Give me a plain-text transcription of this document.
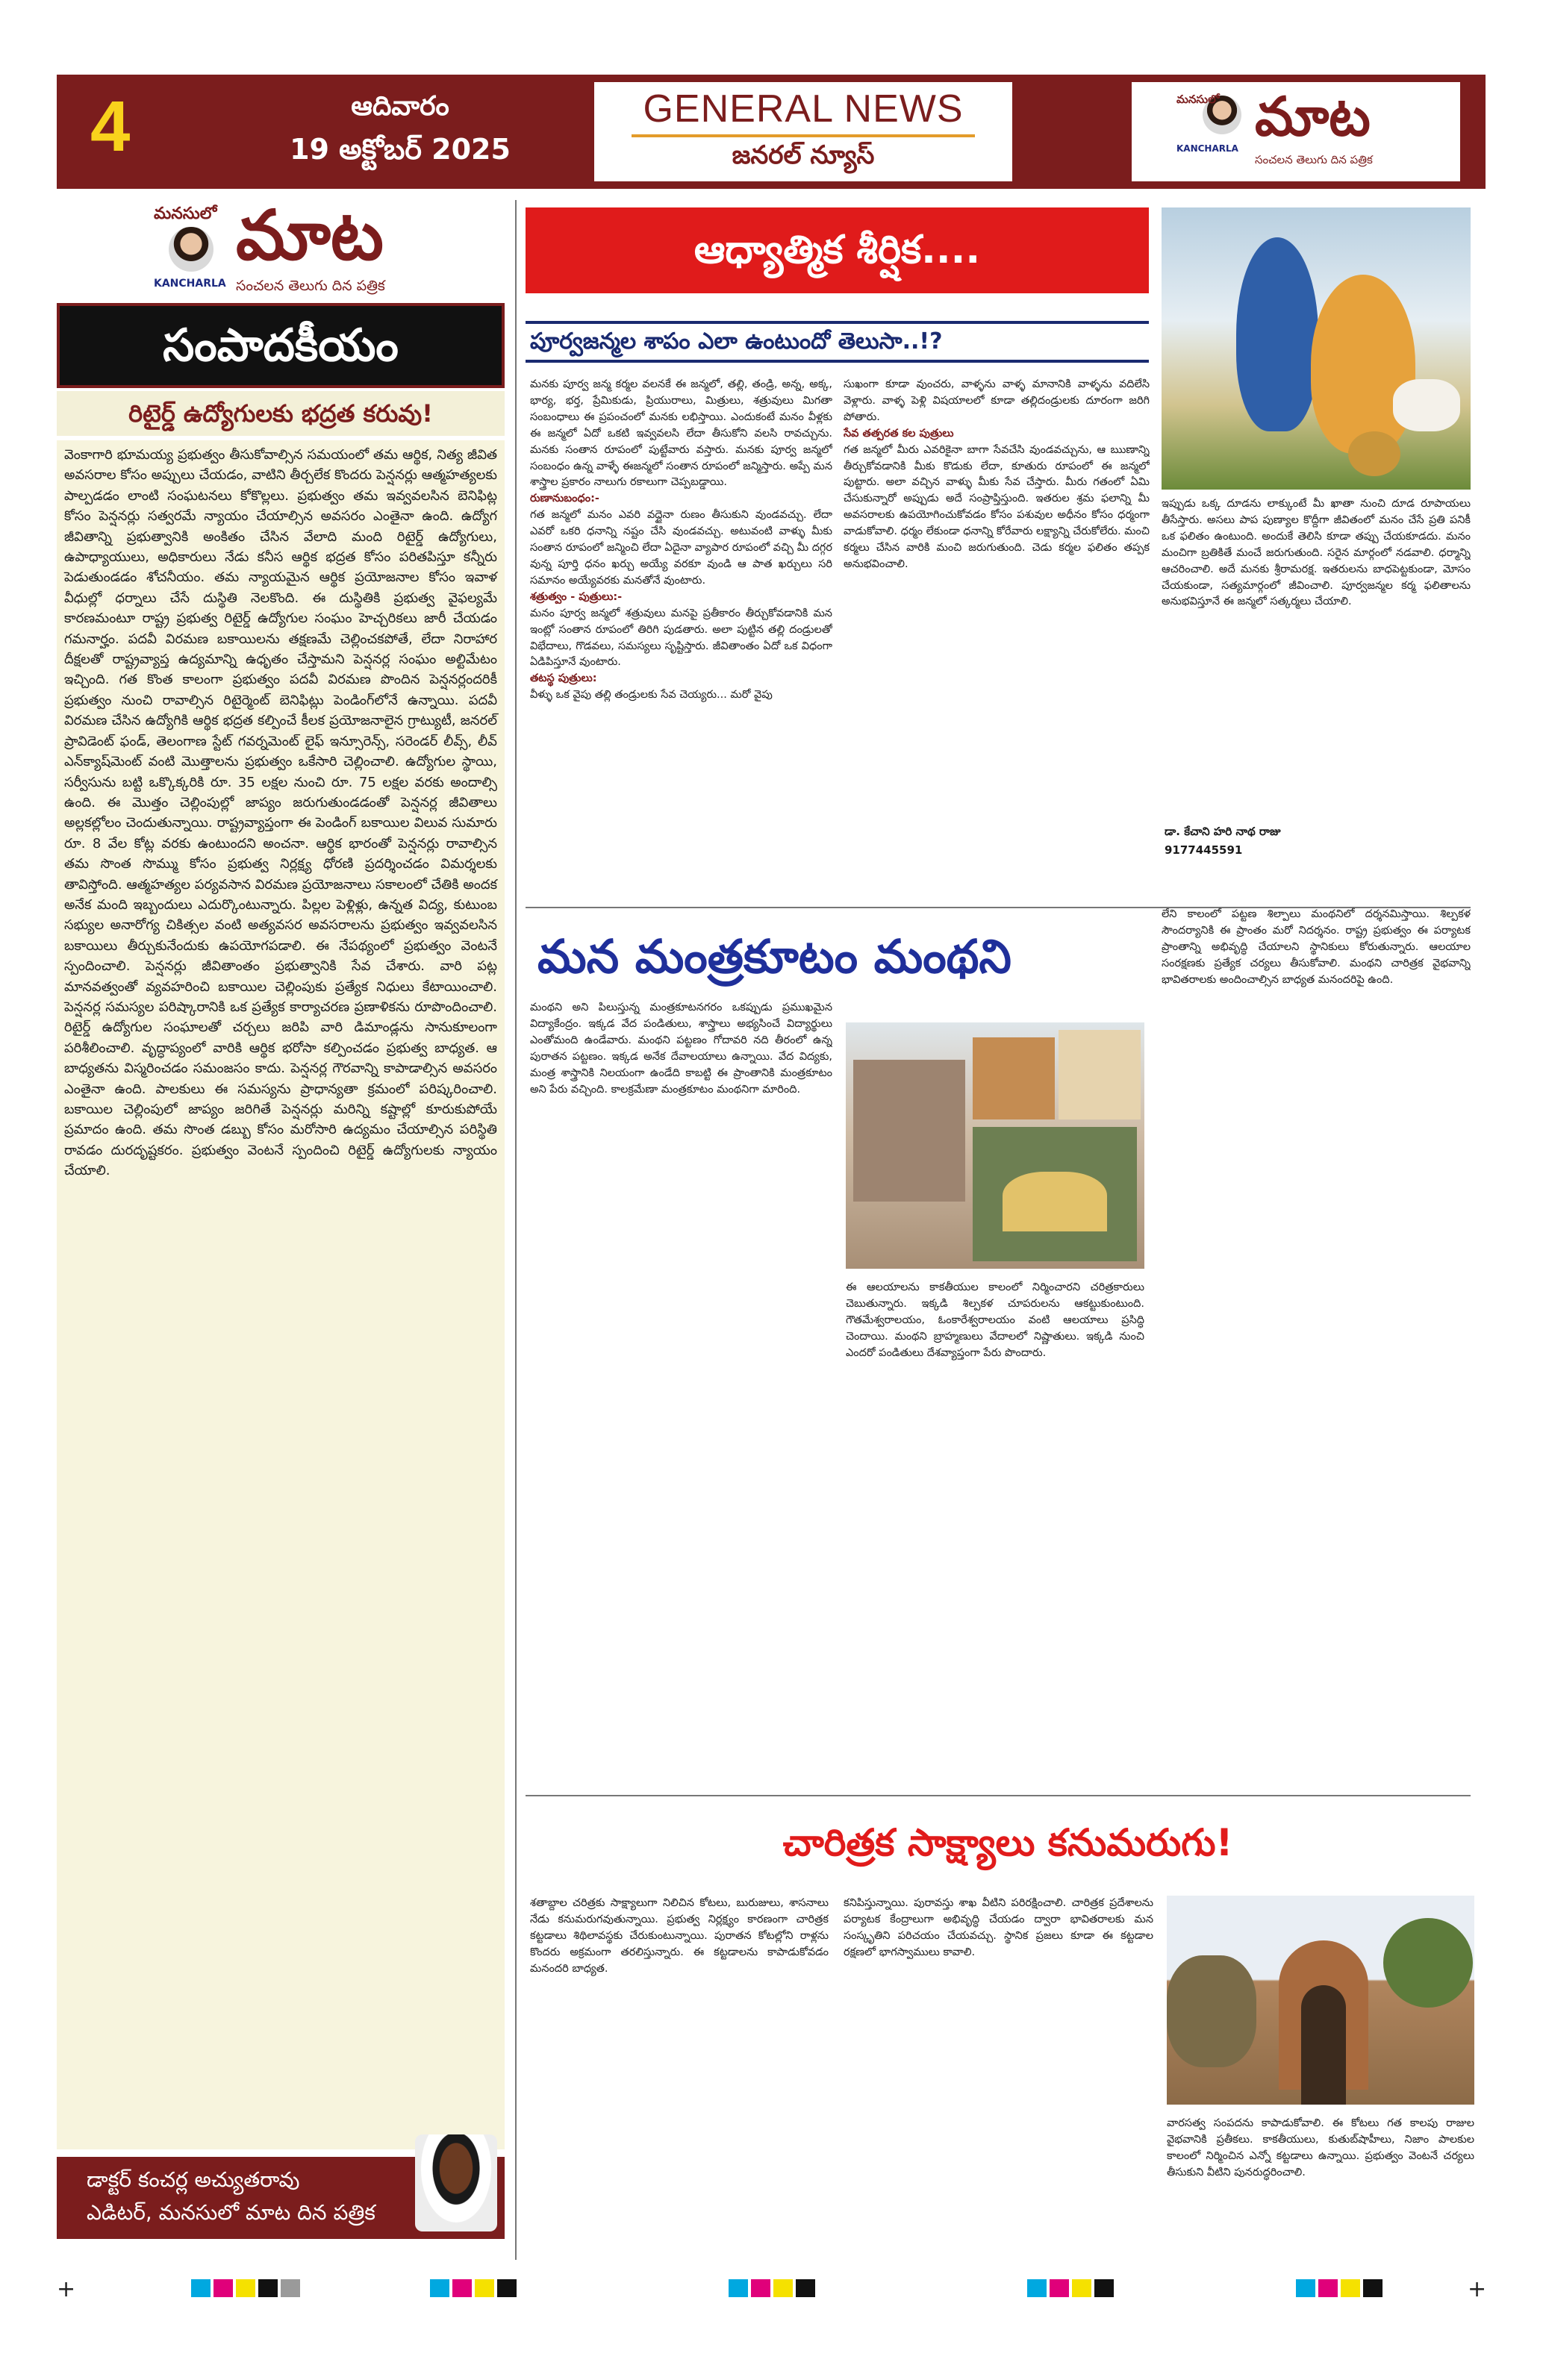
4	ఆదివారం
19 అక్టోబర్ 2025
GENERAL NEWS
జనరల్ న్యూస్
మనసులో మాట
KANCHARLA
సంచలన తెలుగు దిన పత్రిక
మనసులో మాట
KANCHARLA సంచలన తెలుగు దిన పత్రిక
సంపాదకీయం
రిటైర్డ్ ఉద్యోగులకు భద్రత కరువు!
వెంకాగారి భూమయ్య ప్రభుత్వం తీసుకోవాల్సిన సమయంలో తమ ఆర్థిక, నిత్య జీవిత అవసరాల కోసం అప్పులు చేయడం, వాటిని తీర్చలేక కొందరు పెన్షనర్లు ఆత్మహత్యలకు పాల్పడడం లాంటి సంఘటనలు కోకొల్లలు. ప్రభుత్వం తమ ఇవ్వవలసిన బెనిఫిట్ల కోసం పెన్షనర్లు సత్వరమే న్యాయం చేయాల్సిన అవసరం ఎంతైనా ఉంది. ఉద్యోగ జీవితాన్ని ప్రభుత్వానికి అంకితం చేసిన వేలాది మంది రిటైర్డ్ ఉద్యోగులు, ఉపాధ్యాయులు, అధికారులు నేడు కనీస ఆర్థిక భద్రత కోసం పరితపిస్తూ కన్నీరు పెడుతుండడం శోచనీయం. తమ న్యాయమైన ఆర్థిక ప్రయోజనాల కోసం ఇవాళ వీధుల్లో ధర్నాలు చేసే దుస్థితి నెలకొంది. ఈ దుస్థితికి ప్రభుత్వ వైఫల్యమే కారణమంటూ రాష్ట్ర ప్రభుత్వ రిటైర్డ్ ఉద్యోగుల సంఘం హెచ్చరికలు జారీ చేయడం గమనార్హం. పదవీ విరమణ బకాయిలను తక్షణమే చెల్లించకపోతే, లేదా నిరాహార దీక్షలతో రాష్ట్రవ్యాప్త ఉద్యమాన్ని ఉధృతం చేస్తామని పెన్షనర్ల సంఘం అల్టిమేటం ఇచ్చింది. గత కొంత కాలంగా ప్రభుత్వం పదవీ విరమణ పొందిన పెన్షనర్లందరికీ ప్రభుత్వం నుంచి రావాల్సిన రిటైర్మెంట్ బెనిఫిట్లు పెండింగ్‌లోనే ఉన్నాయి. పదవీ విరమణ చేసిన ఉద్యోగికి ఆర్థిక భద్రత కల్పించే కీలక ప్రయోజనాలైన గ్రాట్యుటీ, జనరల్ ప్రావిడెంట్ ఫండ్, తెలంగాణ స్టేట్ గవర్నమెంట్ లైఫ్ ఇన్సూరెన్స్, సరెండర్ లీవ్స్, లీవ్ ఎన్‌క్యాష్‌మెంట్ వంటి మొత్తాలను ప్రభుత్వం ఒకేసారి చెల్లించాలి. ఉద్యోగుల స్థాయి, సర్వీసును బట్టి ఒక్కొక్కరికి రూ. 35 లక్షల నుంచి రూ. 75 లక్షల వరకు అందాల్సి ఉంది. ఈ మొత్తం చెల్లింపుల్లో జాప్యం జరుగుతుండడంతో పెన్షనర్ల జీవితాలు అల్లకల్లోలం చెందుతున్నాయి. రాష్ట్రవ్యాప్తంగా ఈ పెండింగ్ బకాయిల విలువ సుమారు రూ. 8 వేల కోట్ల వరకు ఉంటుందని అంచనా. ఆర్థిక భారంతో పెన్షనర్లు రావాల్సిన తమ సొంత సొమ్ము కోసం ప్రభుత్వ నిర్లక్ష్య ధోరణి ప్రదర్శించడం విమర్శలకు తావిస్తోంది. ఆత్మహత్యల పర్యవసాన విరమణ ప్రయోజనాలు సకాలంలో చేతికి అందక అనేక మంది ఇబ్బందులు ఎదుర్కొంటున్నారు. పిల్లల పెళ్లిళ్లు, ఉన్నత విద్య, కుటుంబ సభ్యుల అనారోగ్య చికిత్సల వంటి అత్యవసర అవసరాలను ప్రభుత్వం ఇవ్వవలసిన బకాయిలు తీర్చుకునేందుకు ఉపయోగపడాలి. ఈ నేపథ్యంలో ప్రభుత్వం వెంటనే స్పందించాలి. పెన్షనర్లు జీవితాంతం ప్రభుత్వానికి సేవ చేశారు. వారి పట్ల మానవత్వంతో వ్యవహరించి బకాయిల చెల్లింపుకు ప్రత్యేక నిధులు కేటాయించాలి. పెన్షనర్ల సమస్యల పరిష్కారానికి ఒక ప్రత్యేక కార్యాచరణ ప్రణాళికను రూపొందించాలి. రిటైర్డ్ ఉద్యోగుల సంఘాలతో చర్చలు జరిపి వారి డిమాండ్లను సానుకూలంగా పరిశీలించాలి. వృద్ధాప్యంలో వారికి ఆర్థిక భరోసా కల్పించడం ప్రభుత్వ బాధ్యత. ఆ బాధ్యతను విస్మరించడం సమంజసం కాదు. పెన్షనర్ల గౌరవాన్ని కాపాడాల్సిన అవసరం ఎంతైనా ఉంది. పాలకులు ఈ సమస్యను ప్రాధాన్యతా క్రమంలో పరిష్కరించాలి. బకాయిల చెల్లింపులో జాప్యం జరిగితే పెన్షనర్లు మరిన్ని కష్టాల్లో కూరుకుపోయే ప్రమాదం ఉంది. తమ సొంత డబ్బు కోసం మరోసారి ఉద్యమం చేయాల్సిన పరిస్థితి రావడం దురదృష్టకరం. ప్రభుత్వం వెంటనే స్పందించి రిటైర్డ్ ఉద్యోగులకు న్యాయం చేయాలి.
డాక్టర్ కంచర్ల అచ్యుతరావు
ఎడిటర్, మనసులో మాట దిన పత్రిక
ఆధ్యాత్మిక శీర్షిక....
పూర్వజన్మల శాపం ఎలా ఉంటుందో తెలుసా..!?
మనకు పూర్వ జన్మ కర్మల వలనకే ఈ జన్మలో, తల్లి, తండ్రి, అన్న, అక్క, భార్య, భర్త, ప్రేమికుడు, ప్రియురాలు, మిత్రులు, శత్రువులు మిగతా సంబంధాలు ఈ ప్రపంచంలో మనకు లభిస్తాయి. ఎందుకంటే మనం వీళ్లకు ఈ జన్మలో ఏదో ఒకటి ఇవ్వవలసి లేదా తీసుకోని వలసి రావచ్చును. మనకు సంతాన రూపంలో పుట్టేవారు వస్తారు. మనకు పూర్వ జన్మలో సంబంధం ఉన్న వాళ్ళే ఈజన్మలో సంతాన రూపంలో జన్మిస్తారు. అప్పే మన శాస్త్రాల ప్రకారం నాలుగు రకాలుగా చెప్పబడ్డాయి.
రుణానుబంధం:-
గత జన్మలో మనం ఎవరి వద్దైనా రుణం తీసుకుని వుండవచ్చు. లేదా ఎవరో ఒకరి ధనాన్ని నష్టం చేసి వుండవచ్చు. అటువంటి వాళ్ళు మీకు సంతాన రూపంలో జన్మించి లేదా ఏదైనా వ్యాపార రూపంలో వచ్చి మీ దగ్గర వున్న పూర్తి ధనం ఖర్చు అయ్యే వరకూ వుండి ఆ పాత ఖర్చులు సరి సమానం అయ్యేవరకు మనతోనే వుంటారు.
శత్రుత్వం - పుత్రులు:-
మనం పూర్వ జన్మలో శత్రువులు మనపై ప్రతీకారం తీర్చుకోవడానికి మన ఇంట్లో సంతాన రూపంలో తిరిగి పుడతారు. అలా పుట్టిన తల్లి దండ్రులతో విభేదాలు, గొడవలు, సమస్యలు సృష్టిస్తారు. జీవితాంతం ఏదో ఒక విధంగా ఏడిపిస్తూనే వుంటారు.
తటస్థ పుత్రులు:
వీళ్ళు ఒక వైపు తల్లి తండ్రులకు సేవ చెయ్యరు... మరో వైపు
సుఖంగా కూడా వుంచరు, వాళ్ళను వాళ్ళ మానానికి వాళ్ళను వదిలేసి వెళ్లారు. వాళ్ళ పెళ్లి విషయాలలో కూడా తల్లిదండ్రులకు దూరంగా జరిగి పోతారు.
సేవ తత్పరత కల పుత్రులు
గత జన్మలో మీరు ఎవరికైనా బాగా సేవచేసి వుండవచ్చును, ఆ ఋణాన్ని తీర్చుకోవడానికి మీకు కొడుకు లేదా, కూతురు రూపంలో ఈ జన్మలో పుట్టారు. అలా వచ్చిన వాళ్ళు మీకు సేవ చేస్తారు. మీరు గతంలో ఏమి చేసుకున్నారో అప్పుడు అదే సంప్రాప్తిస్తుంది. ఇతరుల శ్రమ ఫలాన్ని మీ అవసరాలకు ఉపయోగించుకోవడం కోసం పశువుల అధీనం కోసం ధర్మంగా వాడుకోవాలి. ధర్మం లేకుండా ధనాన్ని కోరేవారు లక్ష్యాన్ని చేరుకోలేరు. మంచి కర్మలు చేసిన వారికి మంచి జరుగుతుంది. చెడు కర్మల ఫలితం తప్పక అనుభవించాలి.
ఇప్పుడు ఒక్క దూడను లాక్కుంటే మీ ఖాతా నుంచి దూడ రూపాయలు తీసేస్తారు. అసలు పాప పుణ్యాల కొద్దీగా జీవితంలో మనం చేసే ప్రతి పనికీ ఒక ఫలితం ఉంటుంది. అందుకే తెలిసి కూడా తప్పు చేయకూడదు. మనం మంచిగా బ్రతికితే మంచే జరుగుతుంది. సరైన మార్గంలో నడవాలి. ధర్మాన్ని ఆచరించాలి. అదే మనకు శ్రీరామరక్ష. ఇతరులను బాధపెట్టకుండా, మోసం చేయకుండా, సత్యమార్గంలో జీవించాలి. పూర్వజన్మల కర్మ ఫలితాలను అనుభవిస్తూనే ఈ జన్మలో సత్కర్మలు చేయాలి.
డా. కేచాని హరి నాథ రాజు
9177445591
మన మంత్రకూటం మంథని
మంథని అని పిలుస్తున్న మంత్రకూటనగరం ఒకప్పుడు ప్రముఖమైన విద్యాకేంద్రం. ఇక్కడ వేద పండితులు, శాస్త్రాలు అభ్యసించే విద్యార్థులు ఎంతోమంది ఉండేవారు. మంథని పట్టణం గోదావరి నది తీరంలో ఉన్న పురాతన పట్టణం. ఇక్కడ అనేక దేవాలయాలు ఉన్నాయి. వేద విద్యకు, మంత్ర శాస్త్రానికి నిలయంగా ఉండేది కాబట్టి ఈ ప్రాంతానికి మంత్రకూటం అని పేరు వచ్చింది. కాలక్రమేణా మంత్రకూటం మంథనిగా మారింది.
ఈ ఆలయాలను కాకతీయుల కాలంలో నిర్మించారని చరిత్రకారులు చెబుతున్నారు. ఇక్కడి శిల్పకళ చూపరులను ఆకట్టుకుంటుంది. గౌతమేశ్వరాలయం, ఓంకారేశ్వరాలయం వంటి ఆలయాలు ప్రసిద్ధి చెందాయి. మంథని బ్రాహ్మణులు వేదాలలో నిష్ణాతులు. ఇక్కడి నుంచి ఎందరో పండితులు దేశవ్యాప్తంగా పేరు పొందారు.
లేని కాలంలో పట్టణ శిల్పాలు మంథనిలో దర్శనమిస్తాయి. శిల్పకళ సౌందర్యానికి ఈ ప్రాంతం మరో నిదర్శనం. రాష్ట్ర ప్రభుత్వం ఈ పర్యాటక ప్రాంతాన్ని అభివృద్ధి చేయాలని స్థానికులు కోరుతున్నారు. ఆలయాల సంరక్షణకు ప్రత్యేక చర్యలు తీసుకోవాలి. మంథని చారిత్రక వైభవాన్ని భావితరాలకు అందించాల్సిన బాధ్యత మనందరిపై ఉంది.
చారిత్రక సాక్ష్యాలు కనుమరుగు!
శతాబ్దాల చరిత్రకు సాక్ష్యాలుగా నిలిచిన కోటలు, బురుజులు, శాసనాలు నేడు కనుమరుగవుతున్నాయి. ప్రభుత్వ నిర్లక్ష్యం కారణంగా చారిత్రక కట్టడాలు శిథిలావస్థకు చేరుకుంటున్నాయి. పురాతన కోటల్లోని రాళ్లను కొందరు అక్రమంగా తరలిస్తున్నారు. ఈ కట్టడాలను కాపాడుకోవడం మనందరి బాధ్యత.
కనిపిస్తున్నాయి. పురావస్తు శాఖ వీటిని పరిరక్షించాలి. చారిత్రక ప్రదేశాలను పర్యాటక కేంద్రాలుగా అభివృద్ధి చేయడం ద్వారా భావితరాలకు మన సంస్కృతిని పరిచయం చేయవచ్చు. స్థానిక ప్రజలు కూడా ఈ కట్టడాల రక్షణలో భాగస్వాములు కావాలి.
వారసత్వ సంపదను కాపాడుకోవాలి. ఈ కోటలు గత కాలపు రాజుల వైభవానికి ప్రతీకలు. కాకతీయులు, కుతుబ్‌షాహీలు, నిజాం పాలకుల కాలంలో నిర్మించిన ఎన్నో కట్టడాలు ఉన్నాయి. ప్రభుత్వం వెంటనే చర్యలు తీసుకుని వీటిని పునరుద్ధరించాలి.
+	+
